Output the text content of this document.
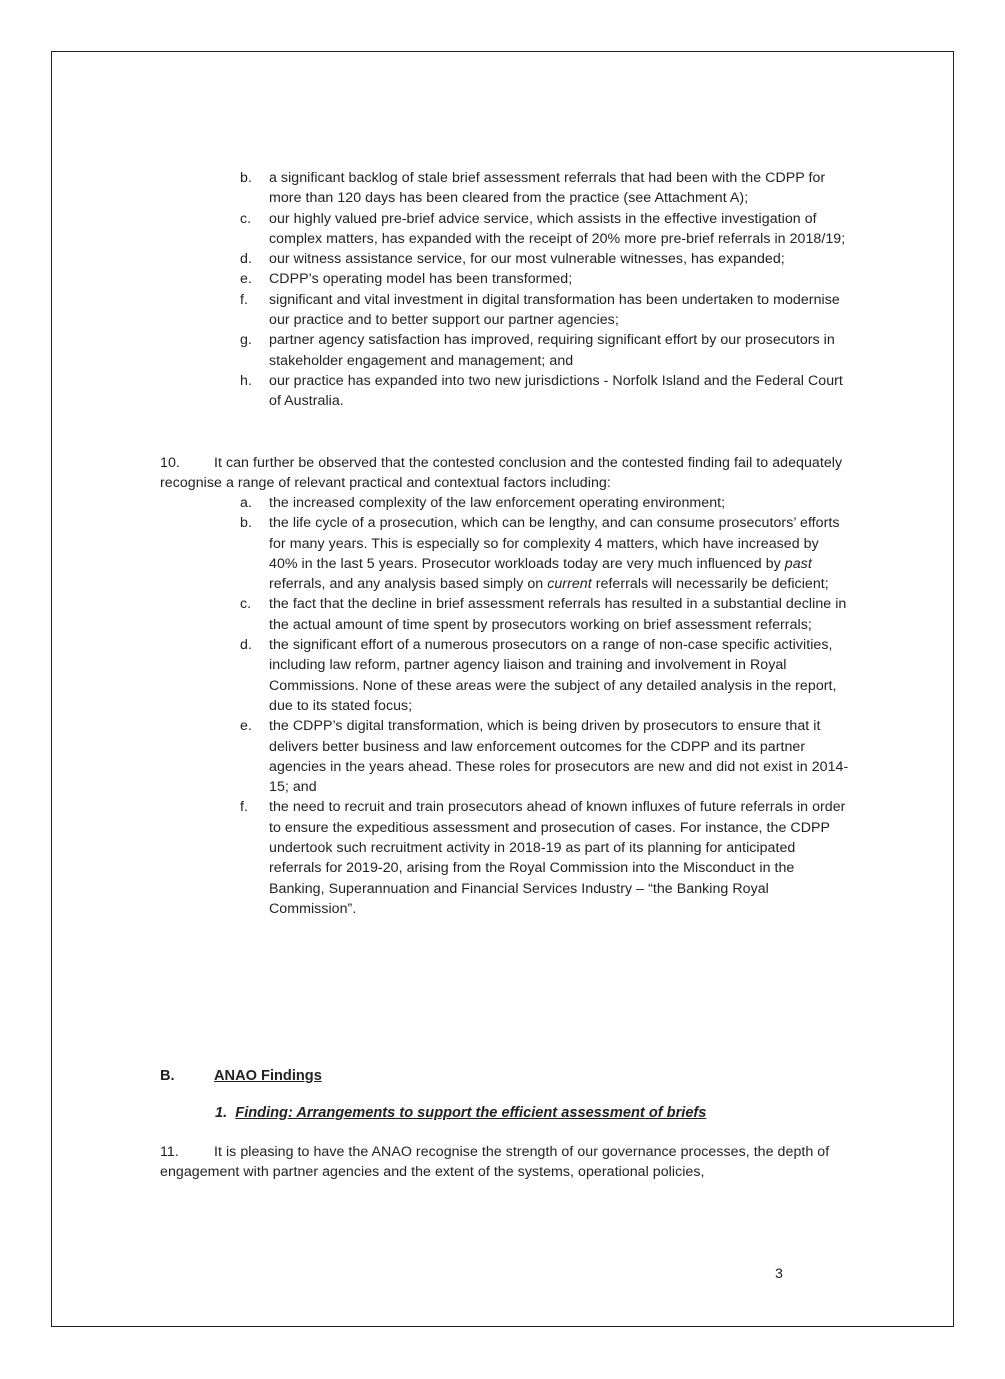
b.	a significant backlog of stale brief assessment referrals that had been with the CDPP for more than 120 days has been cleared from the practice (see Attachment A);
c.	our highly valued pre-brief advice service, which assists in the effective investigation of complex matters, has expanded with the receipt of 20% more pre-brief referrals in 2018/19;
d.	our witness assistance service, for our most vulnerable witnesses, has expanded;
e.	CDPP’s operating model has been transformed;
f.	significant and vital investment in digital transformation has been undertaken to modernise our practice and to better support our partner agencies;
g.	partner agency satisfaction has improved, requiring significant effort by our prosecutors in stakeholder engagement and management; and
h.	our practice has expanded into two new jurisdictions - Norfolk Island and the Federal Court of Australia.
10. It can further be observed that the contested conclusion and the contested finding fail to adequately recognise a range of relevant practical and contextual factors including:
a.	the increased complexity of the law enforcement operating environment;
b.	the life cycle of a prosecution, which can be lengthy, and can consume prosecutors’ efforts for many years. This is especially so for complexity 4 matters, which have increased by 40% in the last 5 years. Prosecutor workloads today are very much influenced by past referrals, and any analysis based simply on current referrals will necessarily be deficient;
c.	the fact that the decline in brief assessment referrals has resulted in a substantial decline in the actual amount of time spent by prosecutors working on brief assessment referrals;
d.	the significant effort of a numerous prosecutors on a range of non-case specific activities, including law reform, partner agency liaison and training and involvement in Royal Commissions. None of these areas were the subject of any detailed analysis in the report, due to its stated focus;
e.	the CDPP’s digital transformation, which is being driven by prosecutors to ensure that it delivers better business and law enforcement outcomes for the CDPP and its partner agencies in the years ahead. These roles for prosecutors are new and did not exist in 2014-15; and
f.	the need to recruit and train prosecutors ahead of known influxes of future referrals in order to ensure the expeditious assessment and prosecution of cases. For instance, the CDPP undertook such recruitment activity in 2018-19 as part of its planning for anticipated referrals for 2019-20, arising from the Royal Commission into the Misconduct in the Banking, Superannuation and Financial Services Industry – “the Banking Royal Commission”.
B.	ANAO Findings
1. Finding: Arrangements to support the efficient assessment of briefs
11. It is pleasing to have the ANAO recognise the strength of our governance processes, the depth of engagement with partner agencies and the extent of the systems, operational policies,
3
